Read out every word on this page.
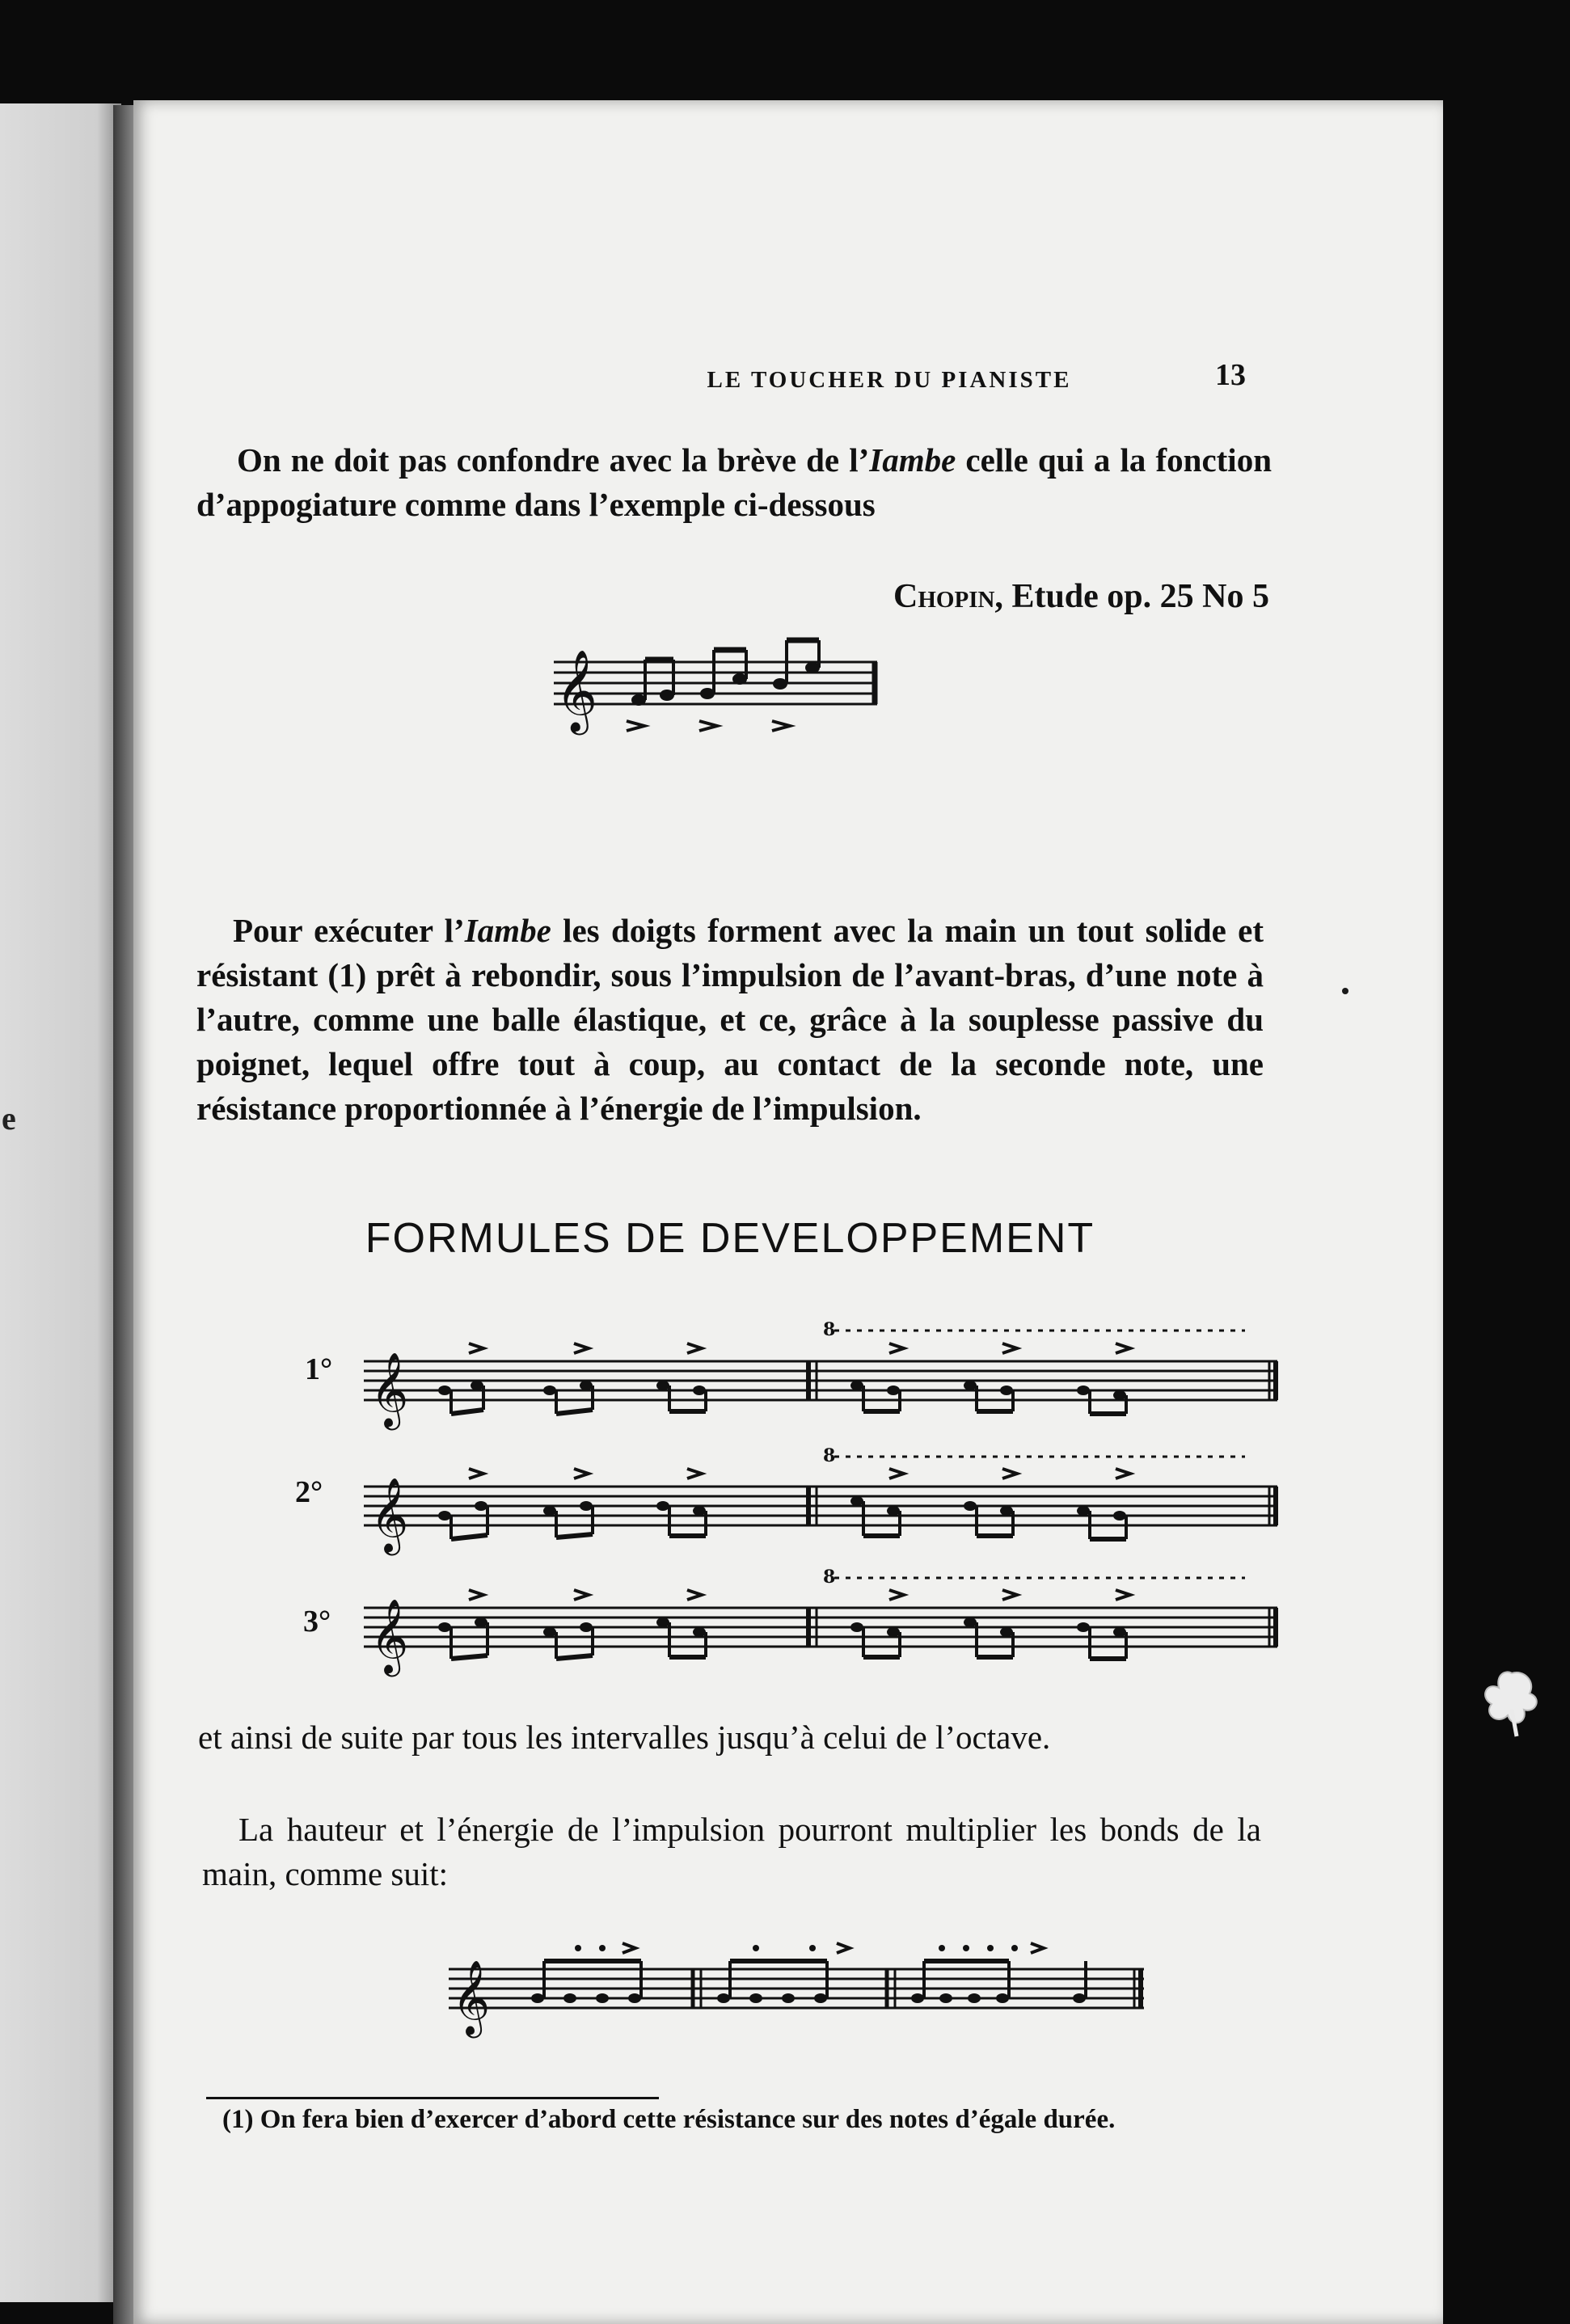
e
LE TOUCHER DU PIANISTE	13

On ne doit pas confondre avec la brève de l’Iambe celle qui a la fonction d’appogiature comme dans l’exemple ci-dessous

Chopin, Etude op. 25 No 5
𝄞

Pour exécuter l’Iambe les doigts forment avec la main un tout solide et résistant (1) prêt à rebondir, sous l’impulsion de l’avant-bras, d’une note à l’autre, comme une balle élastique, et ce, grâce à la souplesse passive du poignet, lequel offre tout à coup, au contact de la seconde note, une résistance proportionnée à l’énergie de l’impulsion.

FORMULES DE DEVELOPPEMENT
1°
2°
3°
𝄞
𝄞
𝄞
8
8
8

et ainsi de suite par tous les intervalles jusqu’à celui de l’octave.

La hauteur et l’énergie de l’impulsion pourront multiplier les bonds de la main, comme suit:

𝄞
(1) On fera bien d’exercer d’abord cette résistance sur des notes d’égale durée.
